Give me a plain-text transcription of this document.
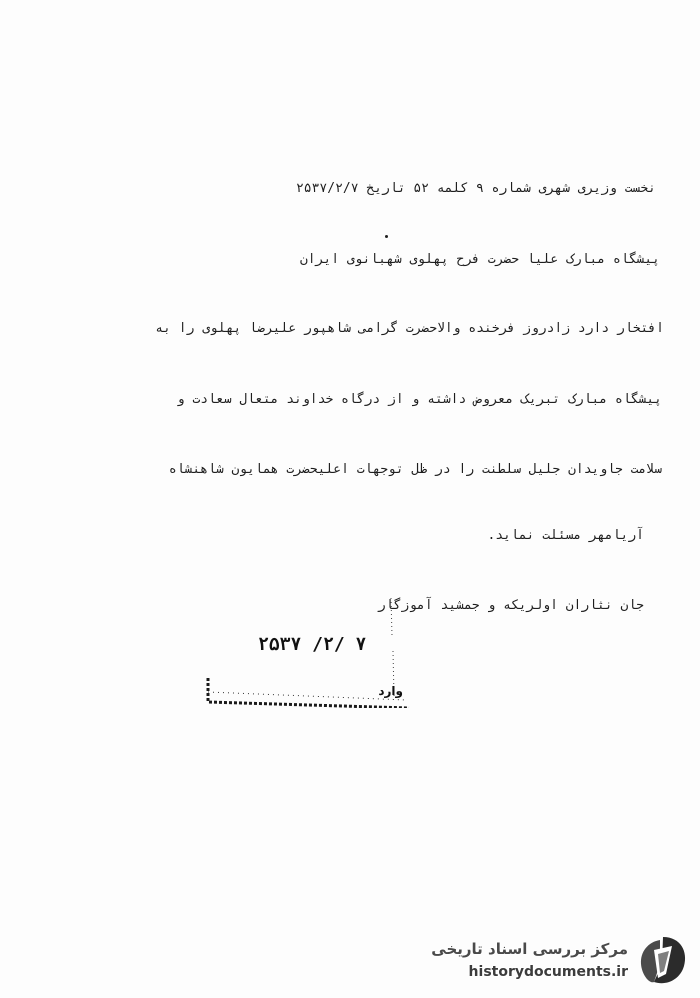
نخست وزیری شهری شماره ۹ کلمه ۵۲ تاریخ ۲۵۳۷/۲/۷
پیشگاه مبارک علیا حضرت فرح پهلوی شهبانوی ایران
افتخار دارد زادروز فرخنده والاحضرت گرامی شاهپور علیرضا پهلوی را به
پیشگاه مبارک تبریک معروض داشته و از درگاه خداوند متعال سعادت و
سلامت جاویدان جلیل سلطنت را در ظل توجهات اعلیحضرت همایون شاهنشاه
آریامهر مسئلت نماید.
جان نثاران اولریکه و جمشید آموزگار
۲۵۳۷ /۲/ ۷
وارد
مرکز بررسی اسناد تاریخی
historydocuments.ir
